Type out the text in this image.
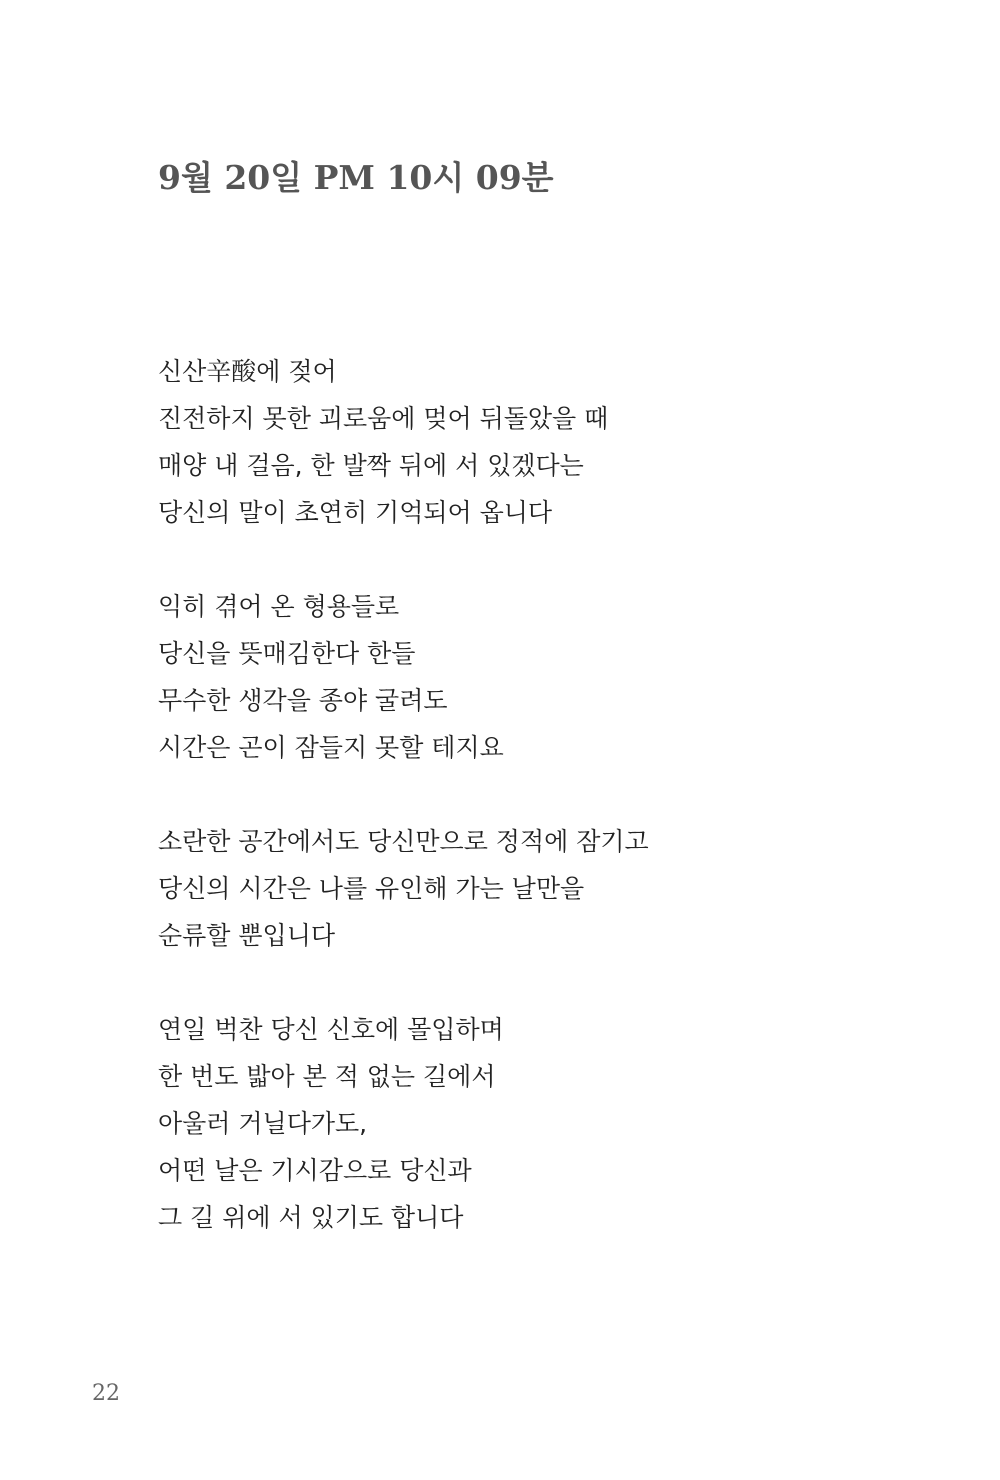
9월 20일 PM 10시 09분
신산辛酸에 젖어
진전하지 못한 괴로움에 멎어 뒤돌았을 때
매양 내 걸음, 한 발짝 뒤에 서 있겠다는
당신의 말이 초연히 기억되어 옵니다
익히 겪어 온 형용들로
당신을 뜻매김한다 한들
무수한 생각을 종야 굴려도
시간은 곤이 잠들지 못할 테지요
소란한 공간에서도 당신만으로 정적에 잠기고
당신의 시간은 나를 유인해 가는 날만을
순류할 뿐입니다
연일 벅찬 당신 신호에 몰입하며
한 번도 밟아 본 적 없는 길에서
아울러 거닐다가도,
어떤 날은 기시감으로 당신과
그 길 위에 서 있기도 합니다
22
